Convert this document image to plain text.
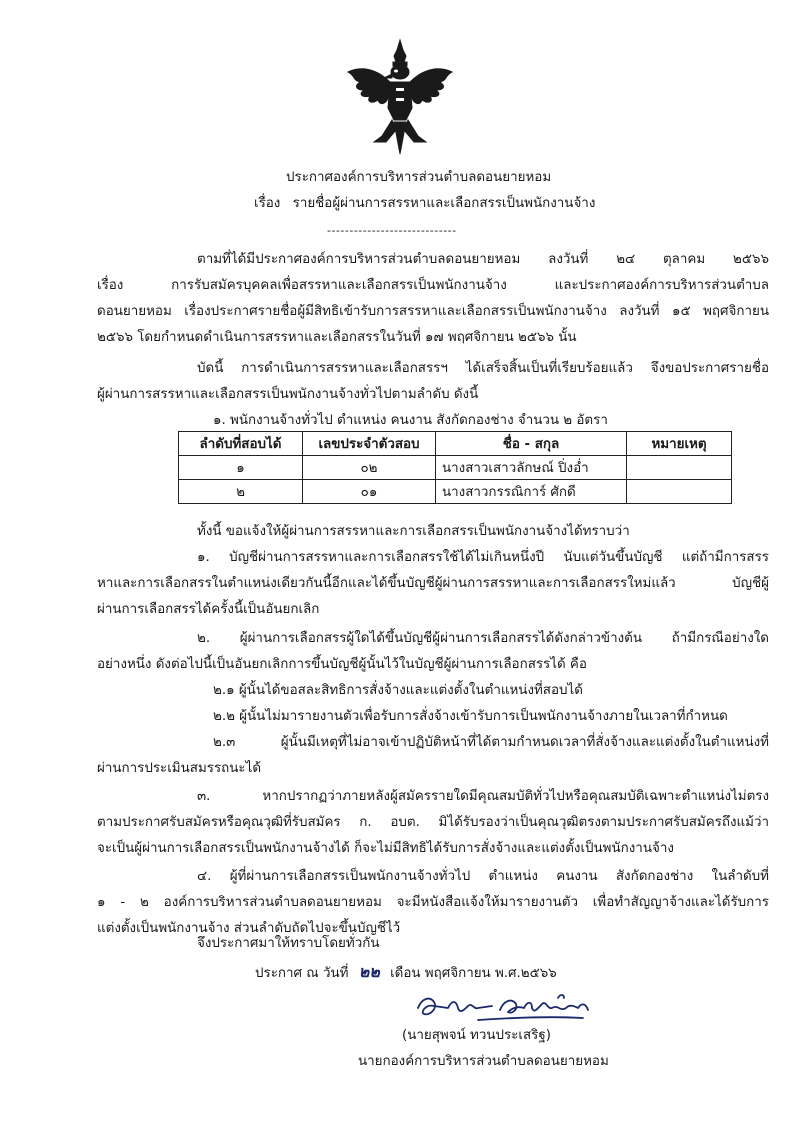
ประกาศองค์การบริหารส่วนตำบลดอนยายหอม
เรื่อง รายชื่อผู้ผ่านการสรรหาและเลือกสรรเป็นพนักงานจ้าง
-----------------------------
ตามที่ได้มีประกาศองค์การบริหารส่วนตำบลดอนยายหอม ลงวันที่ ๒๔ ตุลาคม ๒๕๖๖
เรื่อง การรับสมัครบุคคลเพื่อสรรหาและเลือกสรรเป็นพนักงานจ้าง และประกาศองค์การบริหารส่วนตำบล
ดอนยายหอม เรื่องประกาศรายชื่อผู้มีสิทธิเข้ารับการสรรหาและเลือกสรรเป็นพนักงานจ้าง ลงวันที่ ๑๕ พฤศจิกายน
๒๕๖๖ โดยกำหนดดำเนินการสรรหาและเลือกสรรในวันที่ ๑๗ พฤศจิกายน ๒๕๖๖ นั้น
บัดนี้ การดำเนินการสรรหาและเลือกสรรฯ ได้เสร็จสิ้นเป็นที่เรียบร้อยแล้ว จึงขอประกาศรายชื่อ
ผู้ผ่านการสรรหาและเลือกสรรเป็นพนักงานจ้างทั่วไปตามลำดับ ดังนี้
๑. พนักงานจ้างทั่วไป ตำแหน่ง คนงาน สังกัดกองช่าง จำนวน ๒ อัตรา
ลำดับที่สอบได้	เลขประจำตัวสอบ	ชื่อ - สกุล	หมายเหตุ
๑	๐๒	นางสาวเสาวลักษณ์ ปิ่งอ่ำ	
๒	๐๑	นางสาวกรรณิการ์ ศักดี	
ทั้งนี้ ขอแจ้งให้ผู้ผ่านการสรรหาและการเลือกสรรเป็นพนักงานจ้างได้ทราบว่า
๑. บัญชีผ่านการสรรหาและการเลือกสรรใช้ได้ไม่เกินหนึ่งปี นับแต่วันขึ้นบัญชี แต่ถ้ามีการสรร
หาและการเลือกสรรในตำแหน่งเดียวกันนี้อีกและได้ขึ้นบัญชีผู้ผ่านการสรรหาและการเลือกสรรใหม่แล้ว บัญชีผู้
ผ่านการเลือกสรรได้ครั้งนี้เป็นอันยกเลิก
๒. ผู้ผ่านการเลือกสรรผู้ใดได้ขึ้นบัญชีผู้ผ่านการเลือกสรรได้ดังกล่าวข้างต้น ถ้ามีกรณีอย่างใด
อย่างหนึ่ง ดังต่อไปนี้เป็นอันยกเลิกการขึ้นบัญชีผู้นั้นไว้ในบัญชีผู้ผ่านการเลือกสรรได้ คือ
๒.๑ ผู้นั้นได้ขอสละสิทธิการสั่งจ้างและแต่งตั้งในตำแหน่งที่สอบได้
๒.๒ ผู้นั้นไม่มารายงานตัวเพื่อรับการสั่งจ้างเข้ารับการเป็นพนักงานจ้างภายในเวลาที่กำหนด
๒.๓ ผู้นั้นมีเหตุที่ไม่อาจเข้าปฏิบัติหน้าที่ได้ตามกำหนดเวลาที่สั่งจ้างและแต่งตั้งในตำแหน่งที่
ผ่านการประเมินสมรรถนะได้
๓. หากปรากฏว่าภายหลังผู้สมัครรายใดมีคุณสมบัติทั่วไปหรือคุณสมบัติเฉพาะตำแหน่งไม่ตรง
ตามประกาศรับสมัครหรือคุณวุฒิที่รับสมัคร ก. อบต. มิได้รับรองว่าเป็นคุณวุฒิตรงตามประกาศรับสมัครถึงแม้ว่า
จะเป็นผู้ผ่านการเลือกสรรเป็นพนักงานจ้างได้ ก็จะไม่มีสิทธิได้รับการสั่งจ้างและแต่งตั้งเป็นพนักงานจ้าง
๔. ผู้ที่ผ่านการเลือกสรรเป็นพนักงานจ้างทั่วไป ตำแหน่ง คนงาน สังกัดกองช่าง ในลำดับที่
๑ - ๒ องค์การบริหารส่วนตำบลดอนยายหอม จะมีหนังสือแจ้งให้มารายงานตัว เพื่อทำสัญญาจ้างและได้รับการ
แต่งตั้งเป็นพนักงานจ้าง ส่วนลำดับถัดไปจะขึ้นบัญชีไว้
จึงประกาศมาให้ทราบโดยทั่วกัน
ประกาศ ณ วันที่ ๒๒ เดือน พฤศจิกายน พ.ศ.๒๕๖๖
(นายสุพจน์ ทวนประเสริฐ)
นายกองค์การบริหารส่วนตำบลดอนยายหอม
